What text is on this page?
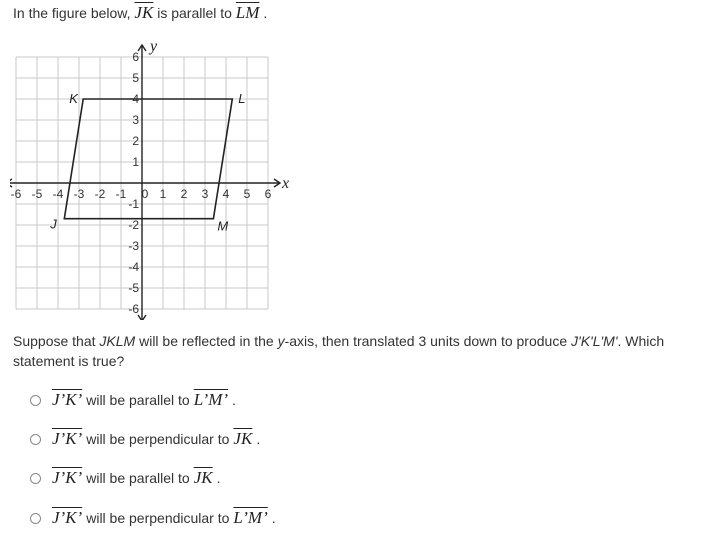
In the figure below, $\overline{JK}$ is parallel to $\overline{LM}$ .
-6 -5 -4 -3 -2 -1 0 1 2 3 4 5 6
6
5
4
3
2
1
-1
-2
-3
-4
-5
-6
J
K	L
M
x
y
Suppose that JKLM will be reflected in the y-axis, then translated 3 units down to produce J'K'L'M'. Which statement is true?
J’K’ will be parallel to L’M’ .
J’K’ will be perpendicular to $\overline{JK}$ .
J’K’ will be parallel to $\overline{JK}$ .
J’K’ will be perpendicular to L’M’ .
